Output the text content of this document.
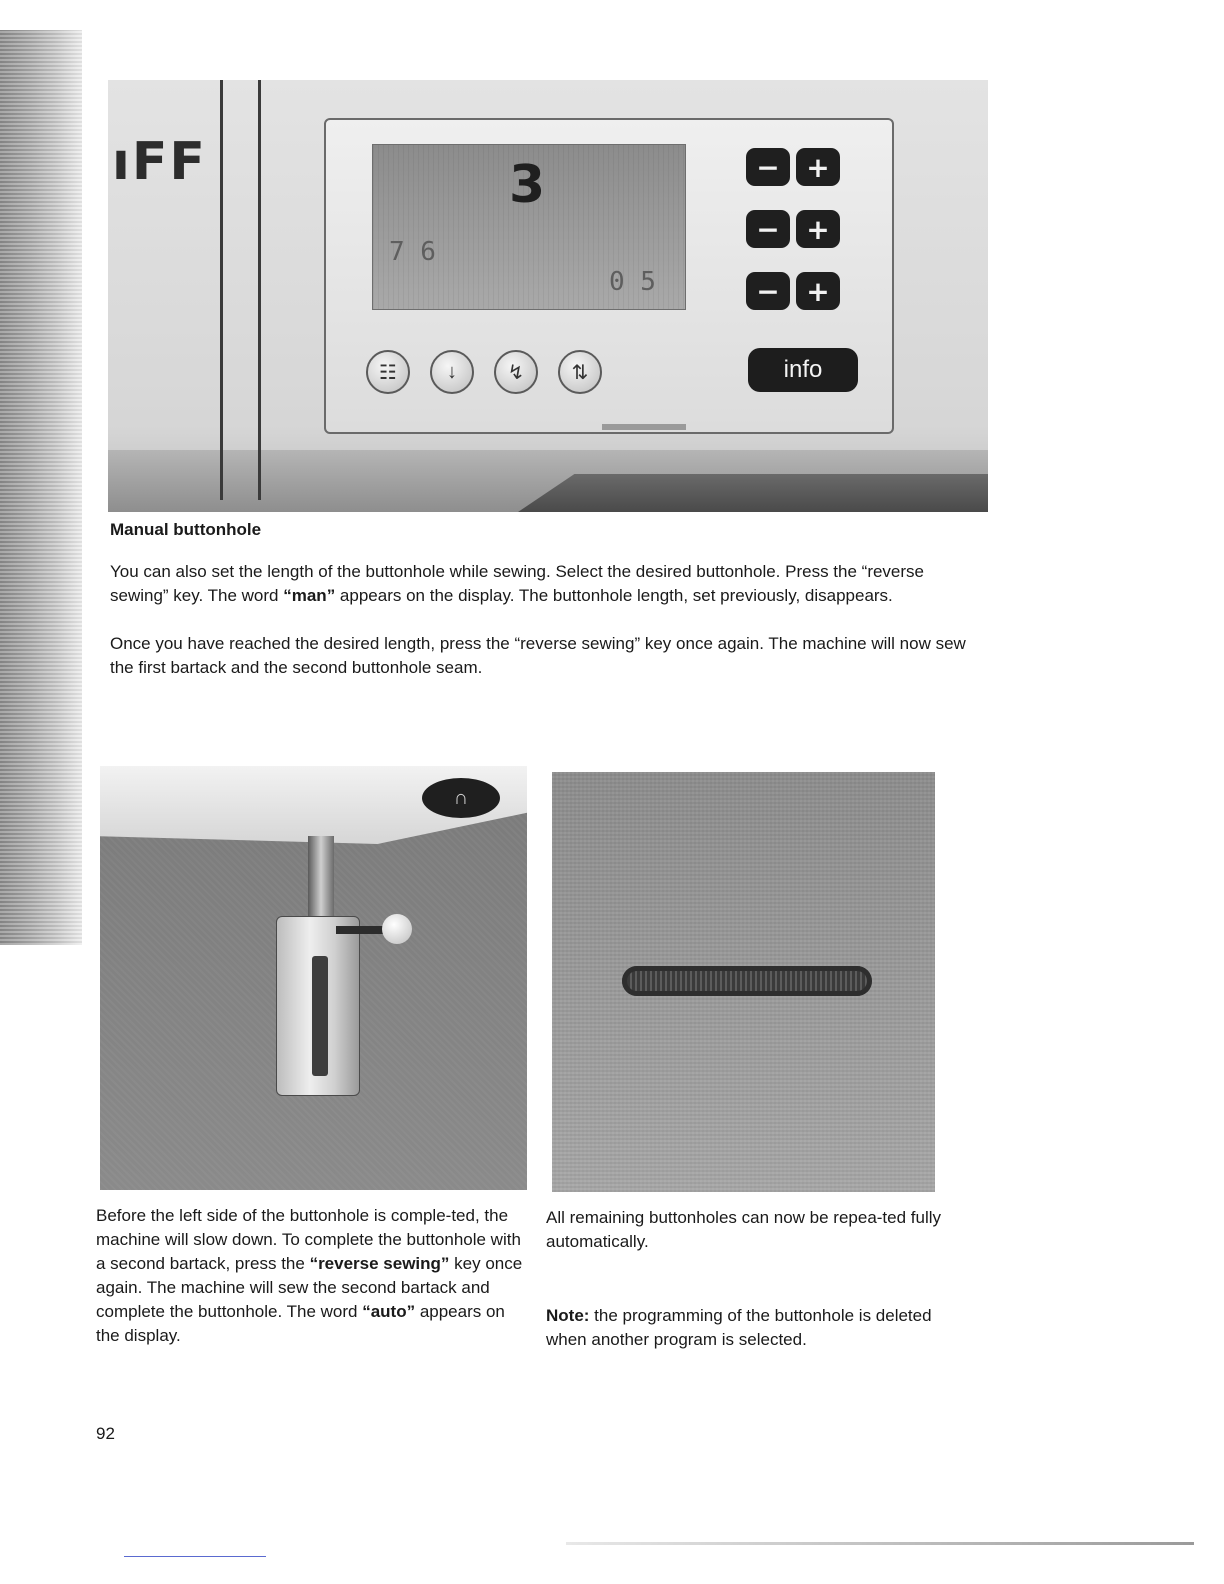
ıFF	3
7 6
0 5
− +
− +
− +
☷	↓	↯	⇅	info
Manual buttonhole

You can also set the length of the buttonhole while sewing. Select the desired buttonhole. Press the “reverse sewing” key. The word “man” appears on the display. The buttonhole length, set previously, disappears.

Once you have reached the desired length, press the “reverse sewing” key once again. The machine will now sew the first bartack and the second buttonhole seam.

∩

Before the left side of the buttonhole is comple-ted, the machine will slow down. To complete the buttonhole with a second bartack, press the “reverse sewing” key once again. The machine will sew the second bartack and complete the buttonhole. The word “auto” appears on the display.

All remaining buttonholes can now be repea-ted fully automatically.

Note: the programming of the buttonhole is deleted when another program is selected.

92
